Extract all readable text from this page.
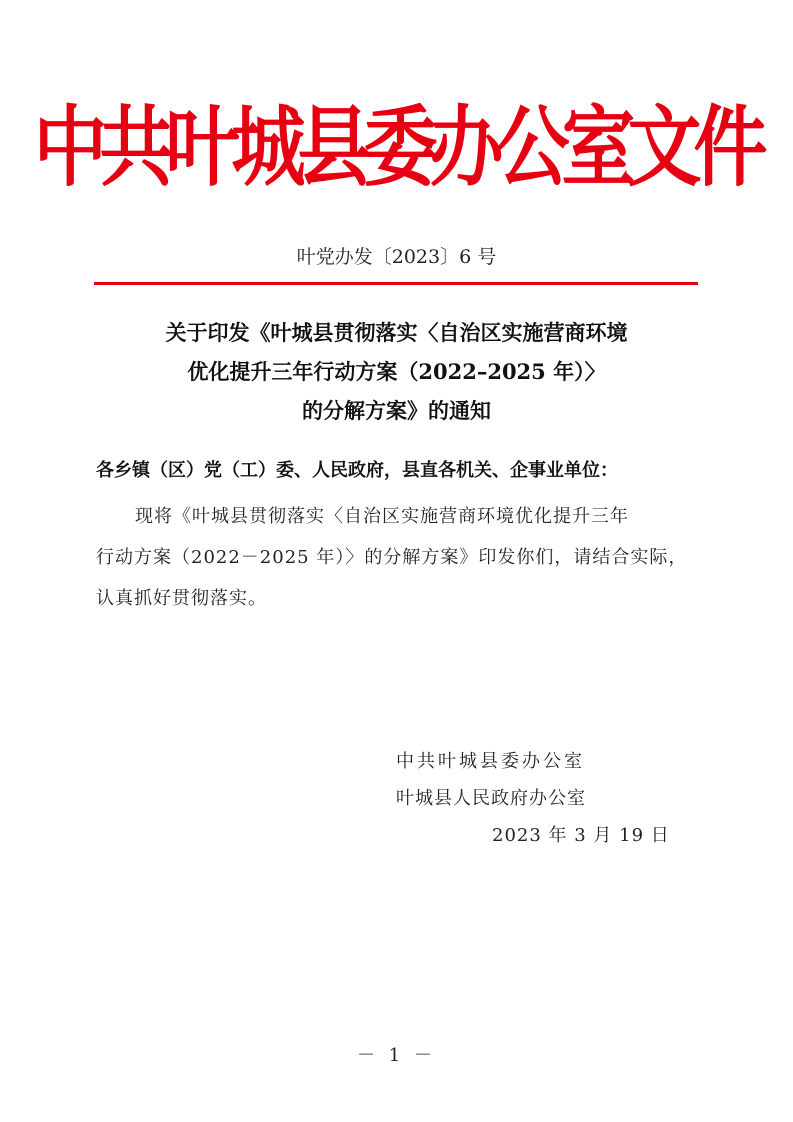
中共叶城县委办公室文件
叶党办发〔2023〕6 号
关于印发《叶城县贯彻落实〈自治区实施营商环境
优化提升三年行动方案（2022–2025 年）〉
的分解方案》的通知
各乡镇（区）党（工）委、人民政府，县直各机关、企事业单位：
现将《叶城县贯彻落实〈自治区实施营商环境优化提升三年
行动方案（2022－2025 年）〉的分解方案》印发你们，请结合实际，
认真抓好贯彻落实。
中共叶城县委办公室
叶城县人民政府办公室
2023 年 3 月 19 日
－ 1 －
